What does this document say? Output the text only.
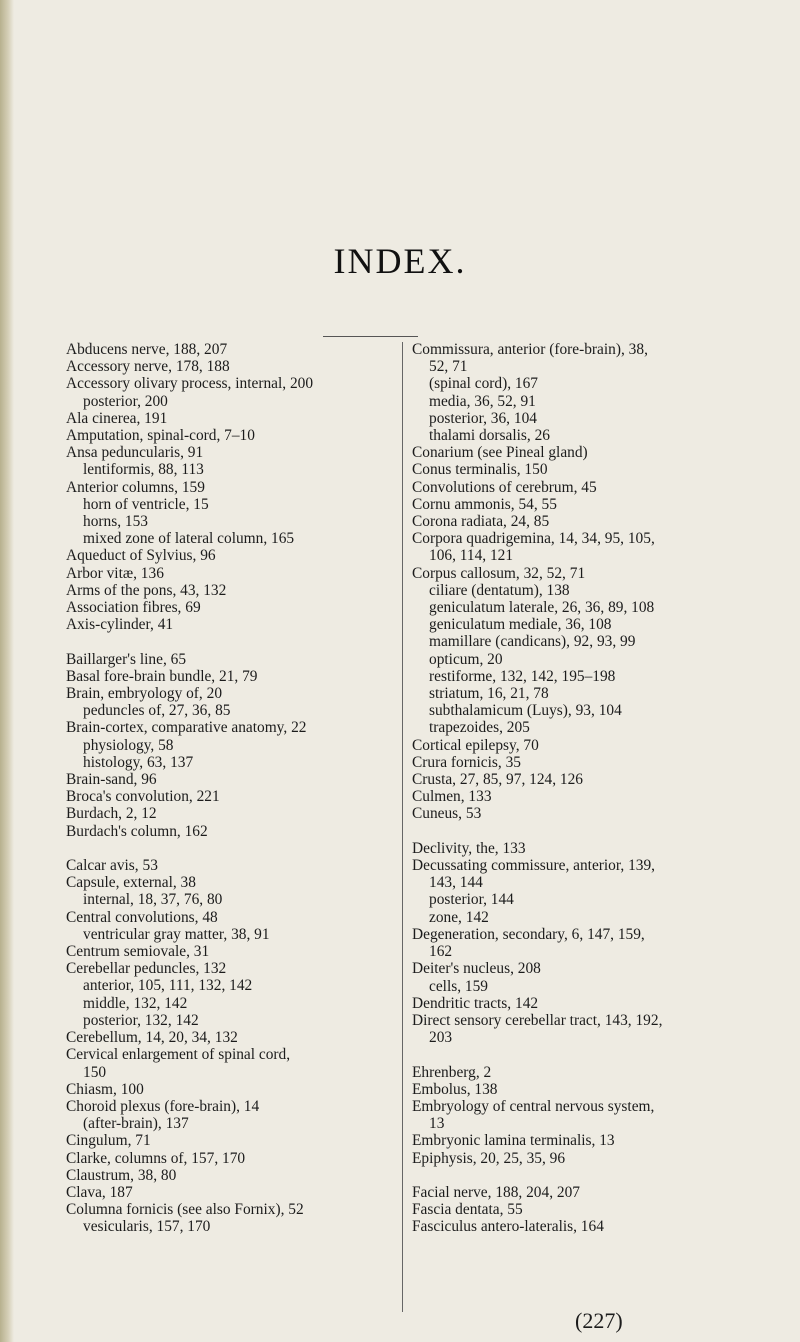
INDEX.
Abducens nerve, 188, 207
Accessory nerve, 178, 188
Accessory olivary process, internal, 200
posterior, 200
Ala cinerea, 191
Amputation, spinal-cord, 7–10
Ansa peduncularis, 91
lentiformis, 88, 113
Anterior columns, 159
horn of ventricle, 15
horns, 153
mixed zone of lateral column, 165
Aqueduct of Sylvius, 96
Arbor vitæ, 136
Arms of the pons, 43, 132
Association fibres, 69
Axis-cylinder, 41
Baillarger's line, 65
Basal fore-brain bundle, 21, 79
Brain, embryology of, 20
peduncles of, 27, 36, 85
Brain-cortex, comparative anatomy, 22
physiology, 58
histology, 63, 137
Brain-sand, 96
Broca's convolution, 221
Burdach, 2, 12
Burdach's column, 162
Calcar avis, 53
Capsule, external, 38
internal, 18, 37, 76, 80
Central convolutions, 48
ventricular gray matter, 38, 91
Centrum semiovale, 31
Cerebellar peduncles, 132
anterior, 105, 111, 132, 142
middle, 132, 142
posterior, 132, 142
Cerebellum, 14, 20, 34, 132
Cervical enlargement of spinal cord,
150
Chiasm, 100
Choroid plexus (fore-brain), 14
(after-brain), 137
Cingulum, 71
Clarke, columns of, 157, 170
Claustrum, 38, 80
Clava, 187
Columna fornicis (see also Fornix), 52
vesicularis, 157, 170
Commissura, anterior (fore-brain), 38,
52, 71
(spinal cord), 167
media, 36, 52, 91
posterior, 36, 104
thalami dorsalis, 26
Conarium (see Pineal gland)
Conus terminalis, 150
Convolutions of cerebrum, 45
Cornu ammonis, 54, 55
Corona radiata, 24, 85
Corpora quadrigemina, 14, 34, 95, 105,
106, 114, 121
Corpus callosum, 32, 52, 71
ciliare (dentatum), 138
geniculatum laterale, 26, 36, 89, 108
geniculatum mediale, 36, 108
mamillare (candicans), 92, 93, 99
opticum, 20
restiforme, 132, 142, 195–198
striatum, 16, 21, 78
subthalamicum (Luys), 93, 104
trapezoides, 205
Cortical epilepsy, 70
Crura fornicis, 35
Crusta, 27, 85, 97, 124, 126
Culmen, 133
Cuneus, 53
Declivity, the, 133
Decussating commissure, anterior, 139,
143, 144
posterior, 144
zone, 142
Degeneration, secondary, 6, 147, 159,
162
Deiter's nucleus, 208
cells, 159
Dendritic tracts, 142
Direct sensory cerebellar tract, 143, 192,
203
Ehrenberg, 2
Embolus, 138
Embryology of central nervous system,
13
Embryonic lamina terminalis, 13
Epiphysis, 20, 25, 35, 96
Facial nerve, 188, 204, 207
Fascia dentata, 55
Fasciculus antero-lateralis, 164
(227)
